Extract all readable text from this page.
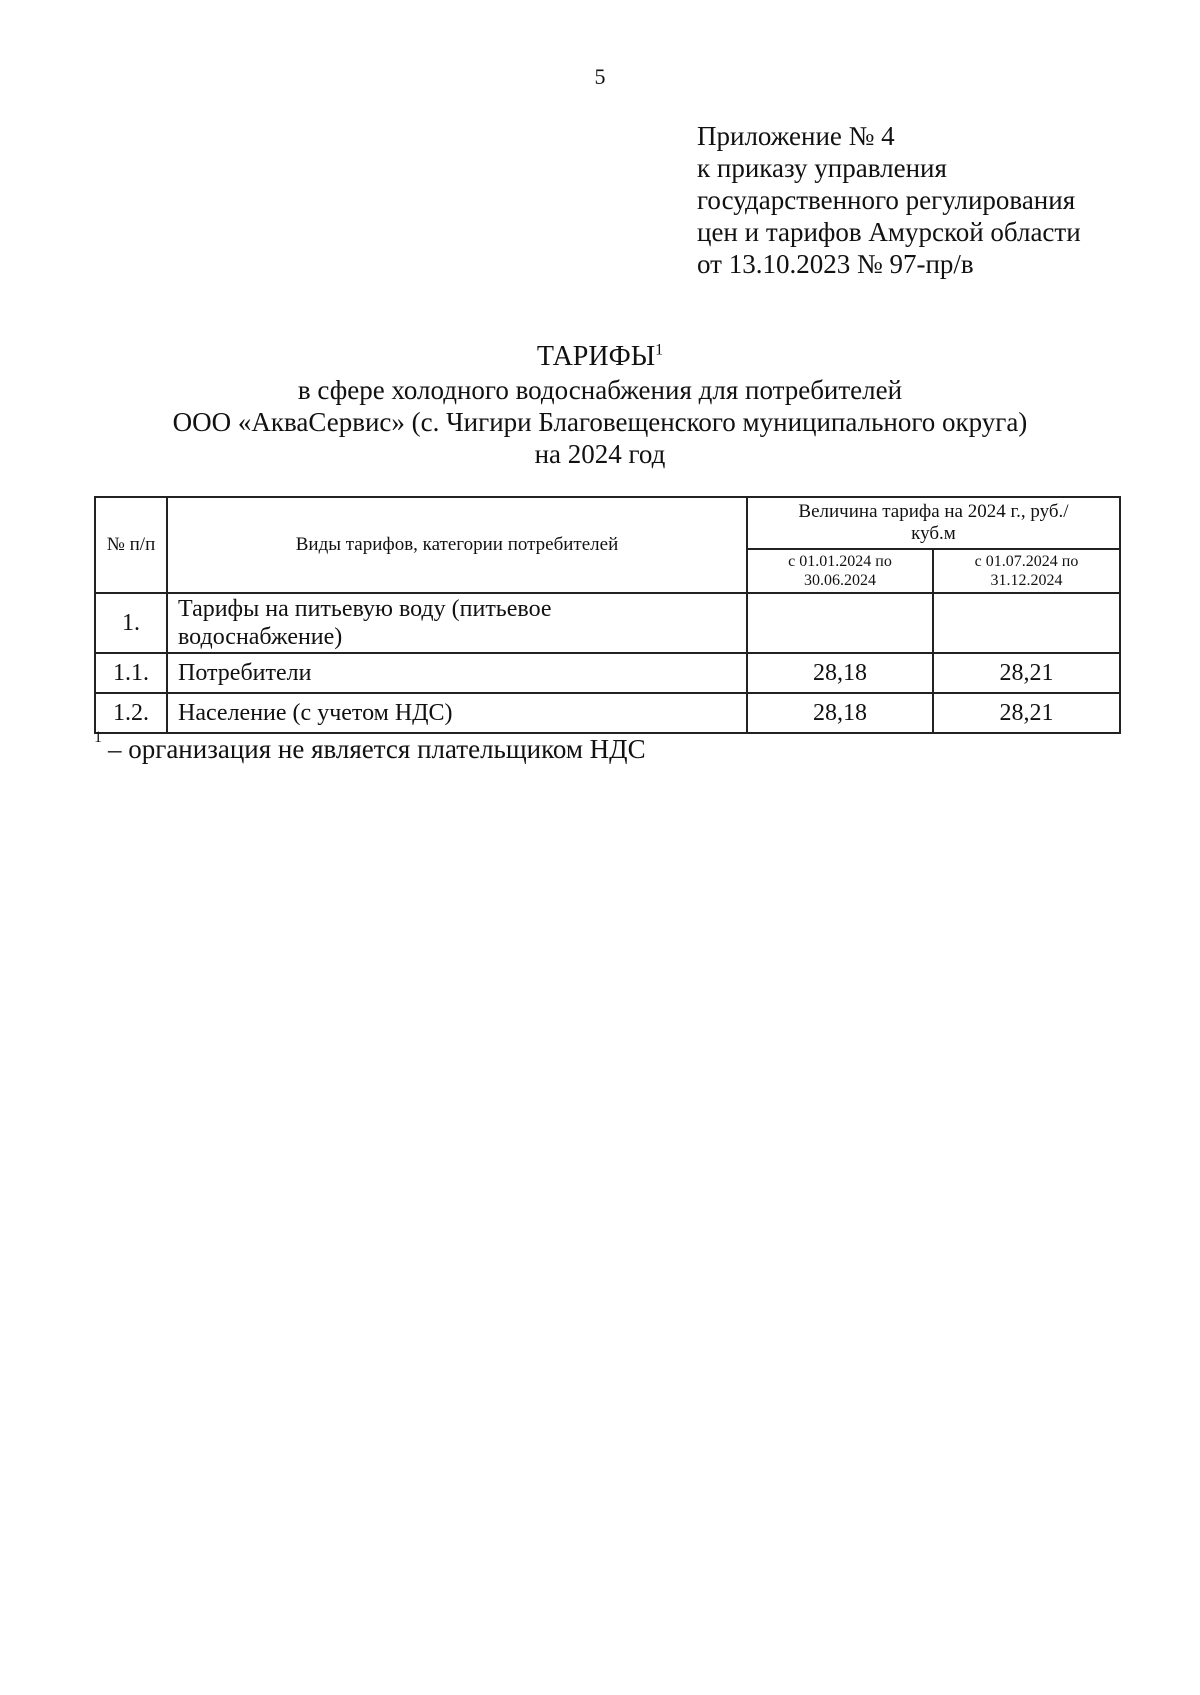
5
Приложение № 4
к приказу управления
государственного регулирования
цен и тарифов Амурской области
от 13.10.2023 № 97-пр/в
ТАРИФЫ$^1$
в сфере холодного водоснабжения для потребителей
ООО «АкваСервис» (с. Чигири Благовещенского муниципального округа)
на 2024 год
№ п/п	Виды тарифов, категории потребителей	Величина тарифа на 2024 г., руб./куб.м	

		с 01.01.2024 по 30.06.2024	с 01.07.2024 по 31.12.2024

1.	Тарифы на питьевую воду (питьевое водоснабжение)		

1.1.	Потребители	28,18	28,21
1.2.	Население (с учетом НДС)	28,18	28,21
$^1$ – организация не является плательщиком НДС
